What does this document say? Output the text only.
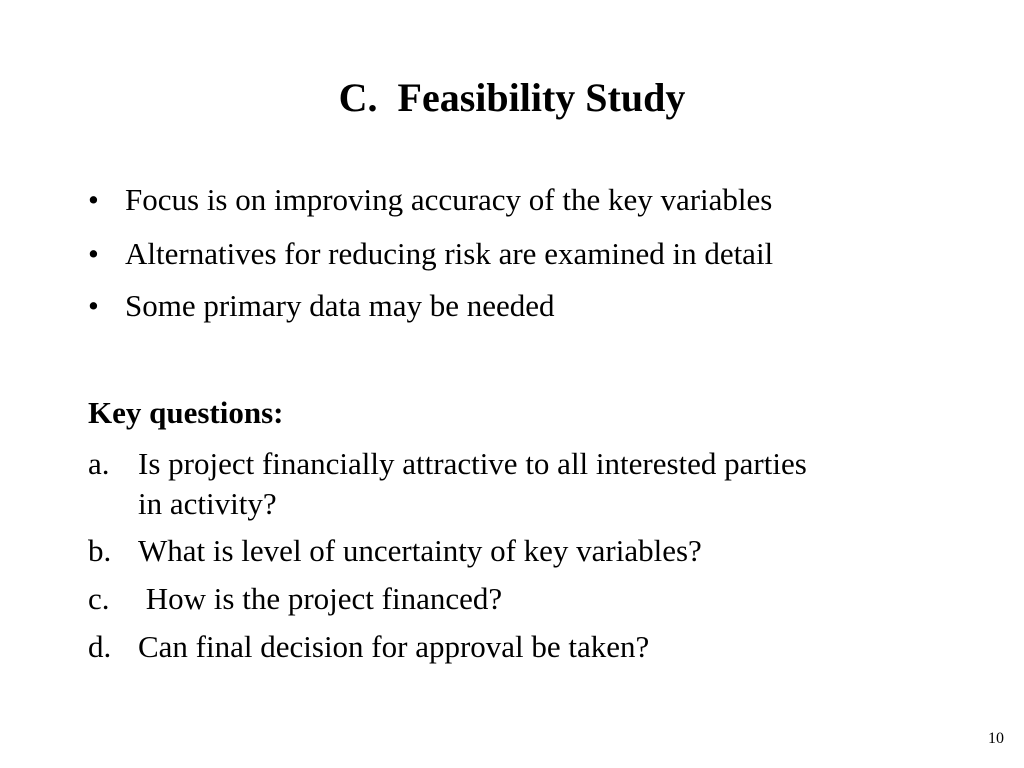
C.  Feasibility Study
• Focus is on improving accuracy of the key variables
• Alternatives for reducing risk are examined in detail
• Some primary data may be needed
Key questions:
a. Is project financially attractive to all interested parties
in activity?
b. What is level of uncertainty of key variables?
c. How is the project financed?
d. Can final decision for approval be taken?
10
